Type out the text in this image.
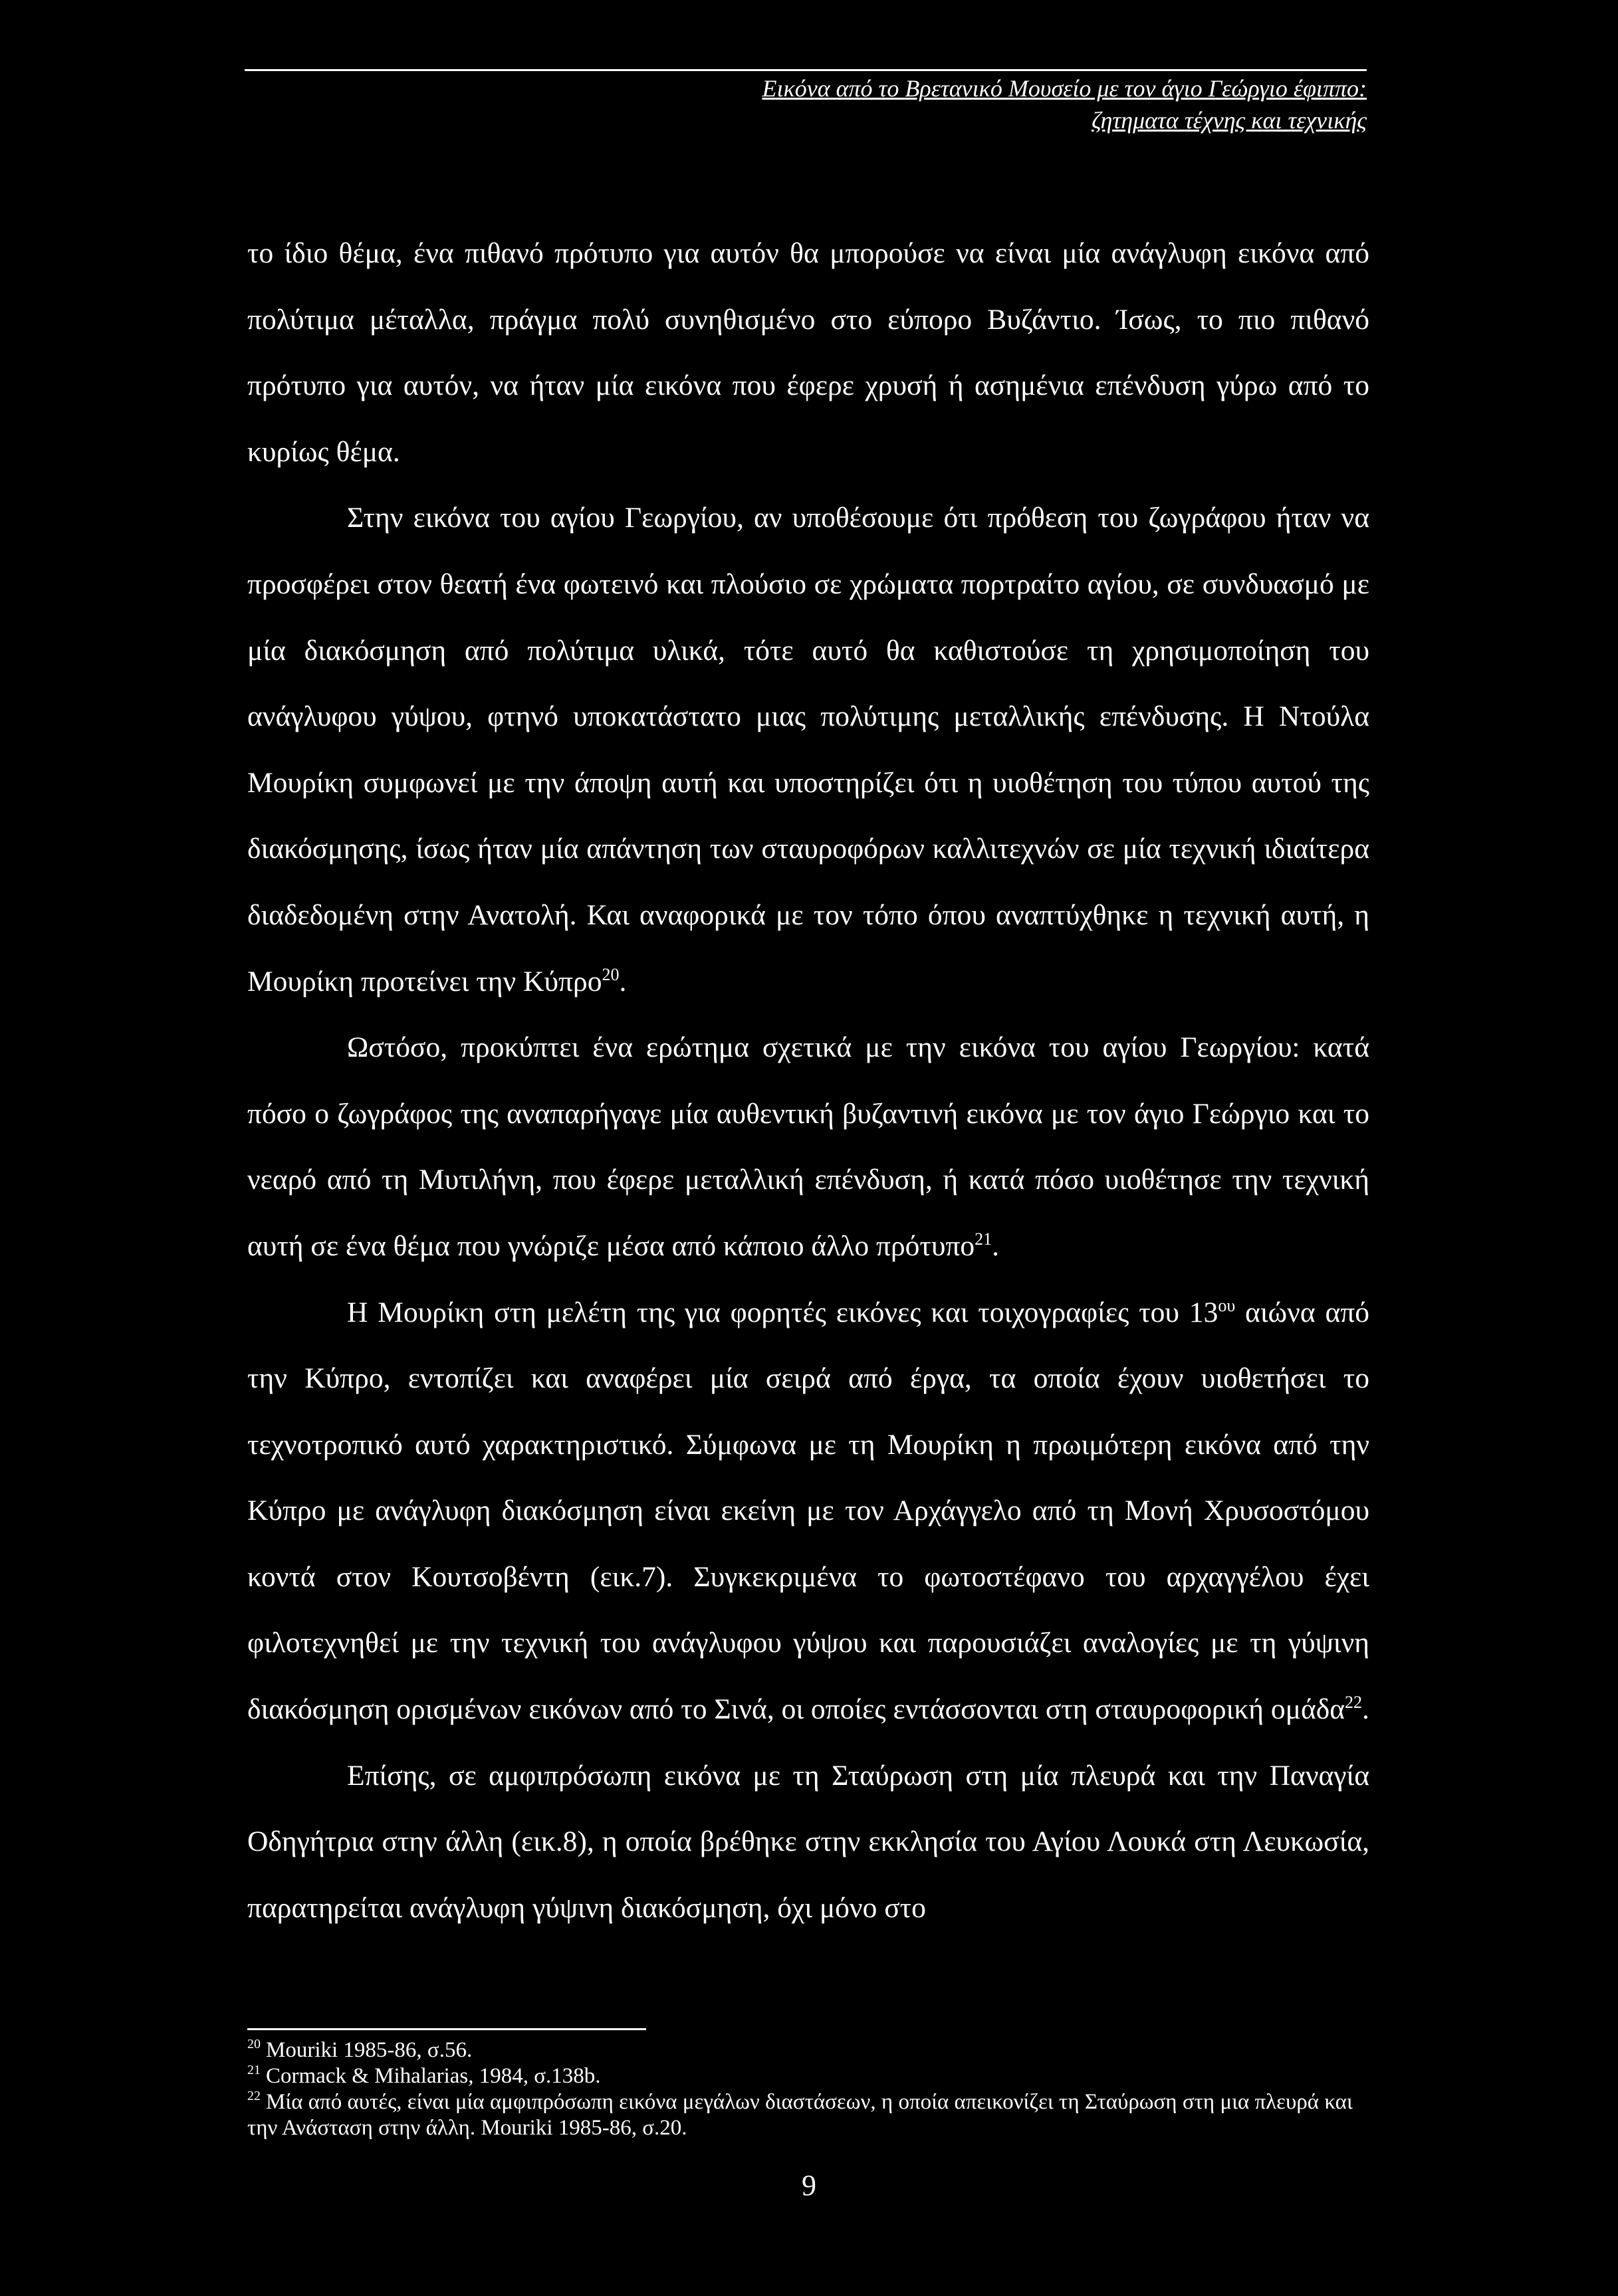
Εικόνα από το Βρετανικό Μουσείο με τον άγιο Γεώργιο έφιππο:
ζητηματα τέχνης και τεχνικής

το ίδιο θέμα, ένα πιθανό πρότυπο για αυτόν θα μπορούσε να είναι μία ανάγλυφη εικόνα από πολύτιμα μέταλλα, πράγμα πολύ συνηθισμένο στο εύπορο Βυζάντιο. Ίσως, το πιο πιθανό πρότυπο για αυτόν, να ήταν μία εικόνα που έφερε χρυσή ή ασημένια επένδυση γύρω από το κυρίως θέμα.

Στην εικόνα του αγίου Γεωργίου, αν υποθέσουμε ότι πρόθεση του ζωγράφου ήταν να προσφέρει στον θεατή ένα φωτεινό και πλούσιο σε χρώματα πορτραίτο αγίου, σε συνδυασμό με μία διακόσμηση από πολύτιμα υλικά, τότε αυτό θα καθιστούσε τη χρησιμοποίηση του ανάγλυφου γύψου, φτηνό υποκατάστατο μιας πολύτιμης μεταλλικής επένδυσης. Η Ντούλα Μουρίκη συμφωνεί με την άποψη αυτή και υποστηρίζει ότι η υιοθέτηση του τύπου αυτού της διακόσμησης, ίσως ήταν μία απάντηση των σταυροφόρων καλλιτεχνών σε μία τεχνική ιδιαίτερα διαδεδομένη στην Ανατολή. Και αναφορικά με τον τόπο όπου αναπτύχθηκε η τεχνική αυτή, η Μουρίκη προτείνει την Κύπρο$^{20}$.

Ωστόσο, προκύπτει ένα ερώτημα σχετικά με την εικόνα του αγίου Γεωργίου: κατά πόσο ο ζωγράφος της αναπαρήγαγε μία αυθεντική βυζαντινή εικόνα με τον άγιο Γεώργιο και το νεαρό από τη Μυτιλήνη, που έφερε μεταλλική επένδυση, ή κατά πόσο υιοθέτησε την τεχνική αυτή σε ένα θέμα που γνώριζε μέσα από κάποιο άλλο πρότυπο$^{21}$.

Η Μουρίκη στη μελέτη της για φορητές εικόνες και τοιχογραφίες του $13^{o\upsilon}$ αιώνα από την Κύπρο, εντοπίζει και αναφέρει μία σειρά από έργα, τα οποία έχουν υιοθετήσει το τεχνοτροπικό αυτό χαρακτηριστικό. Σύμφωνα με τη Μουρίκη η πρωιμότερη εικόνα από την Κύπρο με ανάγλυφη διακόσμηση είναι εκείνη με τον Αρχάγγελο από τη Μονή Χρυσοστόμου κοντά στον Κουτσοβέντη (εικ.7). Συγκεκριμένα το φωτοστέφανο του αρχαγγέλου έχει φιλοτεχνηθεί με την τεχνική του ανάγλυφου γύψου και παρουσιάζει αναλογίες με τη γύψινη διακόσμηση ορισμένων εικόνων από το Σινά, οι οποίες εντάσσονται στη σταυροφορική ομάδα$^{22}$.

Επίσης, σε αμφιπρόσωπη εικόνα με τη Σταύρωση στη μία πλευρά και την Παναγία Οδηγήτρια στην άλλη (εικ.8), η οποία βρέθηκε στην εκκλησία του Αγίου Λουκά στη Λευκωσία, παρατηρείται ανάγλυφη γύψινη διακόσμηση, όχι μόνο στο

$^{20}$ Mouriki 1985-86, σ.56.

$^{21}$ Cormack & Mihalarias, 1984, σ.138b.

$^{22}$ Μία από αυτές, είναι μία αμφιπρόσωπη εικόνα μεγάλων διαστάσεων, η οποία απεικονίζει τη Σταύρωση στη μια πλευρά και την Ανάσταση στην άλλη. Mouriki 1985-86, σ.20.

9
